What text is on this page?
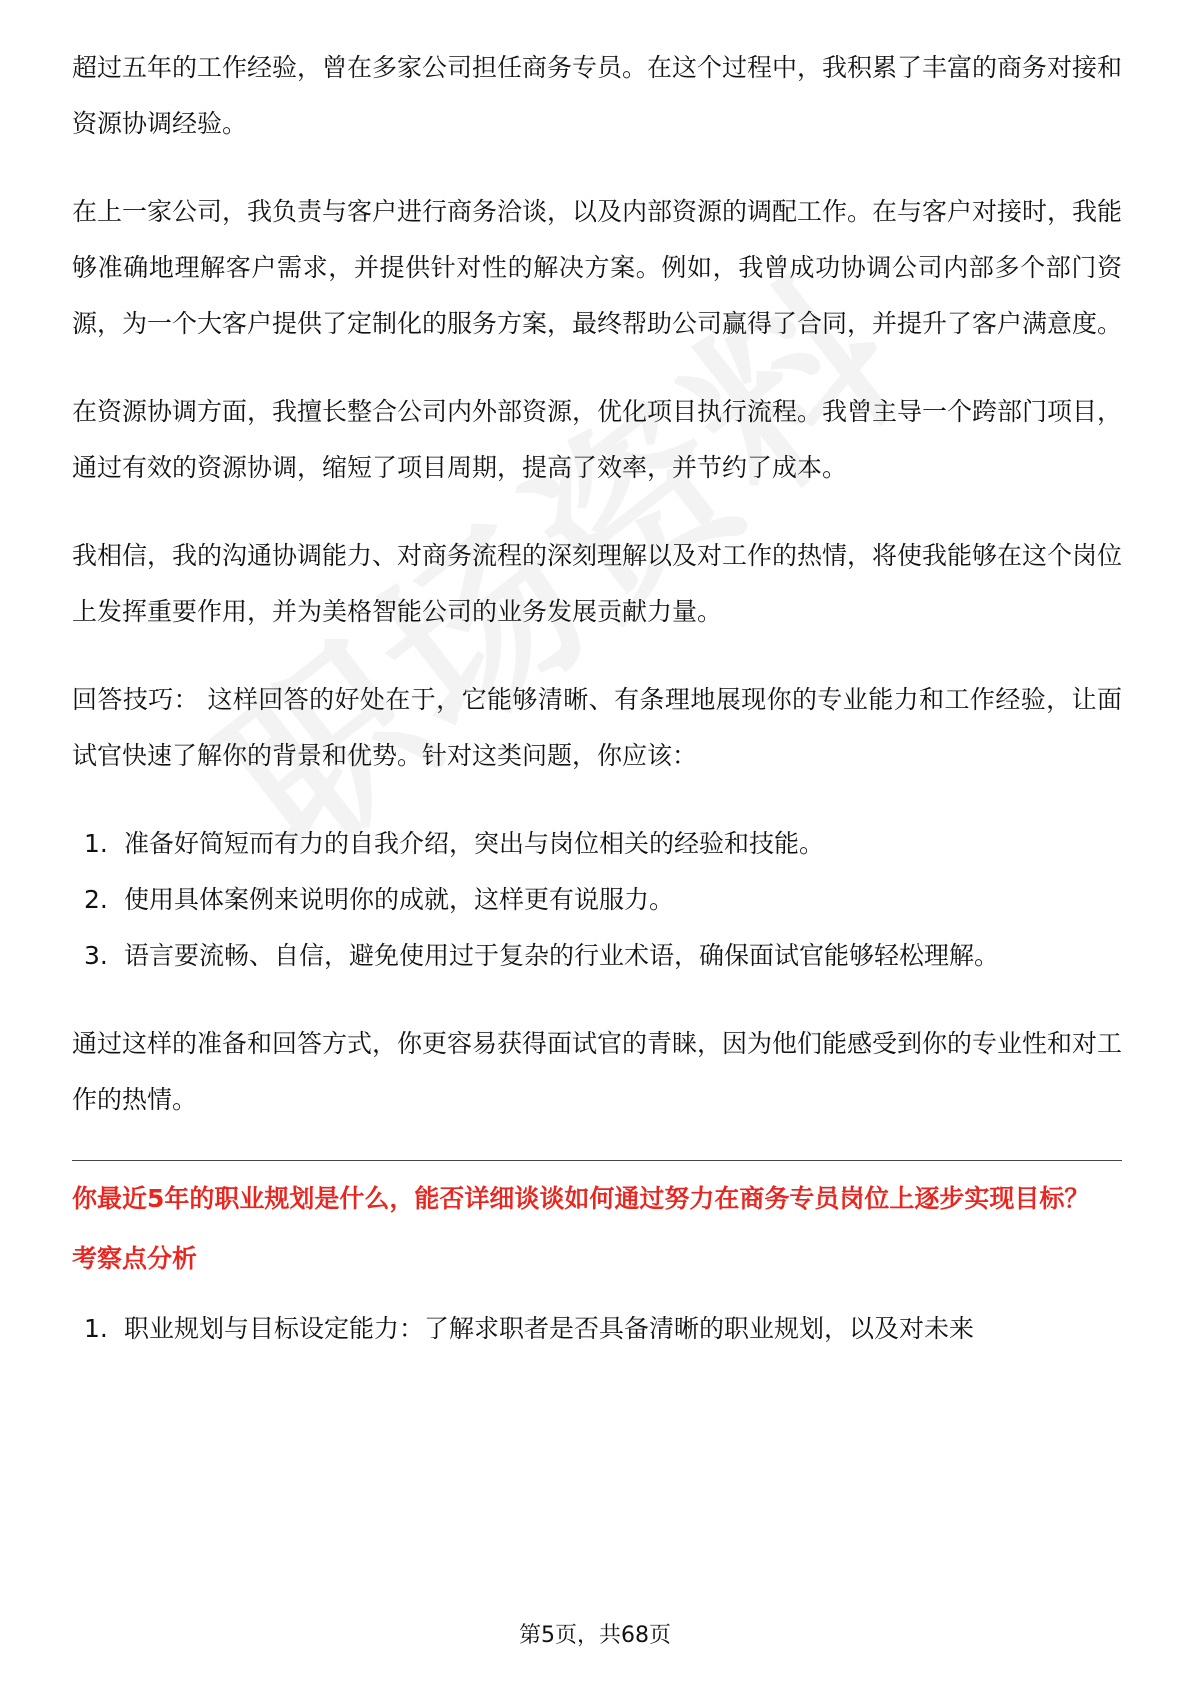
超过五年的工作经验，曾在多家公司担任商务专员。在这个过程中，我积累了丰富的商务对接和资源协调经验。

在上一家公司，我负责与客户进行商务洽谈，以及内部资源的调配工作。在与客户对接时，我能够准确地理解客户需求，并提供针对性的解决方案。例如，我曾成功协调公司内部多个部门资源，为一个大客户提供了定制化的服务方案，最终帮助公司赢得了合同，并提升了客户满意度。

在资源协调方面，我擅长整合公司内外部资源，优化项目执行流程。我曾主导一个跨部门项目，通过有效的资源协调，缩短了项目周期，提高了效率，并节约了成本。

我相信，我的沟通协调能力、对商务流程的深刻理解以及对工作的热情，将使我能够在这个岗位上发挥重要作用，并为美格智能公司的业务发展贡献力量。

回答技巧： 这样回答的好处在于，它能够清晰、有条理地展现你的专业能力和工作经验，让面试官快速了解你的背景和优势。针对这类问题，你应该：

1. 准备好简短而有力的自我介绍，突出与岗位相关的经验和技能。
2. 使用具体案例来说明你的成就，这样更有说服力。
3. 语言要流畅、自信，避免使用过于复杂的行业术语，确保面试官能够轻松理解。

通过这样的准备和回答方式，你更容易获得面试官的青睐，因为他们能感受到你的专业性和对工作的热情。

你最近5年的职业规划是什么，能否详细谈谈如何通过努力在商务专员岗位上逐步实现目标？
考察点分析
1. 职业规划与目标设定能力：了解求职者是否具备清晰的职业规划，以及对未来
第5页，共68页
